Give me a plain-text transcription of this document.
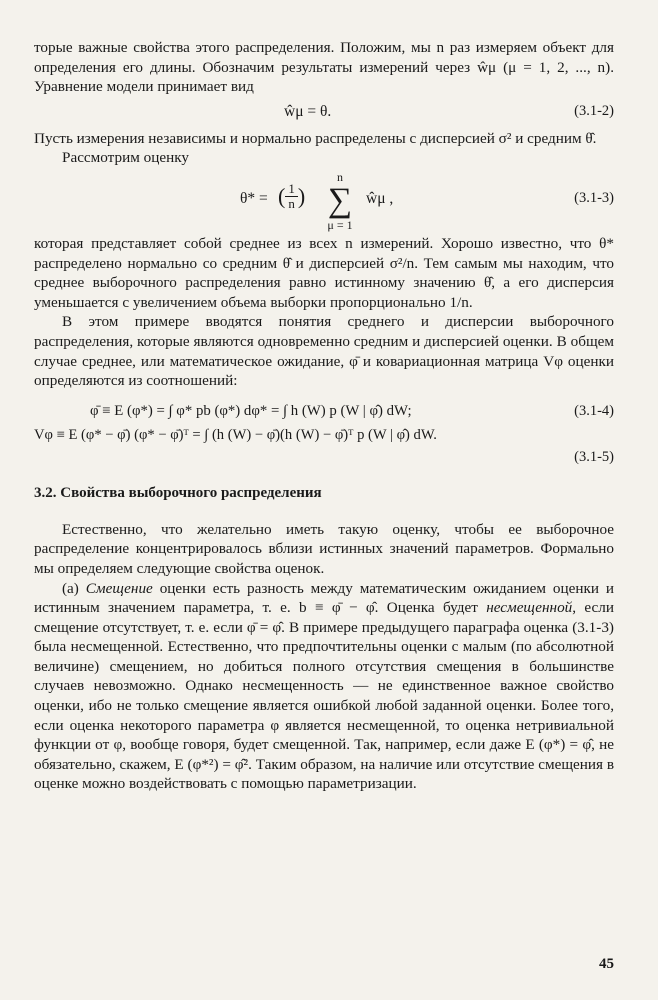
торые важные свойства этого распределения. Положим, мы n раз измеряем объект для определения его длины. Обозначим результаты измерений через ŵμ (μ = 1, 2, ..., n). Уравнение модели принимает вид

ŵμ = θ.	(3.1-2)

Пусть измерения независимы и нормально распределены с дисперсией σ² и средним θ̂.

Рассмотрим оценку

θ* = ( $\frac{1}{n}$ )
n
∑
μ = 1
ŵμ ,	(3.1-3)

которая представляет собой среднее из всех n измерений. Хорошо известно, что θ* распределено нормально со средним θ̂ и дисперсией σ²/n. Тем самым мы находим, что среднее выборочного распределения равно истинному значению θ̂, а его дисперсия уменьшается с увеличением объема выборки пропорционально 1/n.

В этом примере вводятся понятия среднего и дисперсии выборочного распределения, которые являются одновременно средним и дисперсией оценки. В общем случае среднее, или математическое ожидание, φ̄ и ковариационная матрица Vφ оценки определяются из соотношений:

φ̄ ≡ E (φ*) = ∫ φ* pb (φ*) dφ* = ∫ h (W) p (W | φ̂) dW;	(3.1-4)
Vφ ≡ E (φ* − φ̄) (φ* − φ̄)ᵀ = ∫ (h (W) − φ̄)(h (W) − φ̄)ᵀ p (W | φ̂) dW.
(3.1-5)
3.2. Свойства выборочного распределения

Естественно, что желательно иметь такую оценку, чтобы ее выборочное распределение концентрировалось вблизи истинных значений параметров. Формально мы определяем следующие свойства оценок.

(а) Смещение оценки есть разность между математическим ожиданием оценки и истинным значением параметра, т. е. b ≡ φ̄ − φ̂. Оценка будет несмещенной, если смещение отсутствует, т. е. если φ̄ = φ̂. В примере предыдущего параграфа оценка (3.1-3) была несмещенной. Естественно, что предпочтительны оценки с малым (по абсолютной величине) смещением, но добиться полного отсутствия смещения в большинстве случаев невозможно. Однако несмещенность — не единственное важное свойство оценки, ибо не только смещение является ошибкой любой заданной оценки. Более того, если оценка некоторого параметра φ является несмещенной, то оценка нетривиальной функции от φ, вообще говоря, будет смещенной. Так, например, если даже E (φ*) = φ̂, не обязательно, скажем, E (φ*²) = φ̂². Таким образом, на наличие или отсутствие смещения в оценке можно воздействовать с помощью параметризации.

45
